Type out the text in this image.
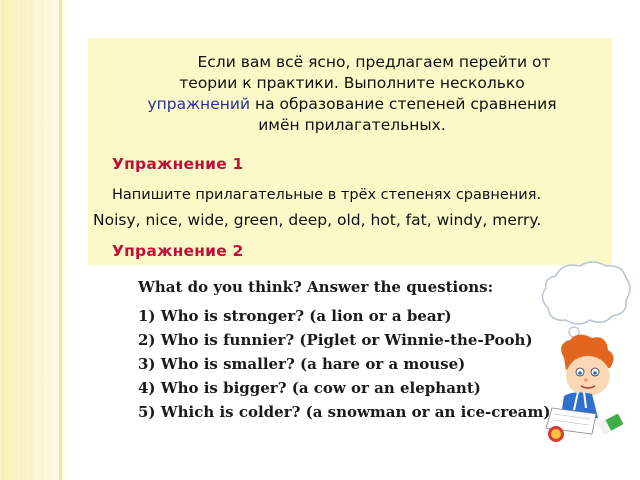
Если вам всё ясно, предлагаем перейти от
теории к практики. Выполните несколько
упражнений на образование степеней сравнения
имён прилагательных.
Упражнение 1
Напишите прилагательные в трёх степенях сравнения.
Noisy, nice, wide, green, deep, old, hot, fat, windy, merry.
Упражнение 2
What do you think? Answer the questions:
1) Who is stronger? (a lion or a bear)
2) Who is funnier? (Piglet or Winnie-the-Pooh)
3) Who is smaller? (a hare or a mouse)
4) Who is bigger? (a cow or an elephant)
5) Which is colder? (a snowman or an ice-cream)
